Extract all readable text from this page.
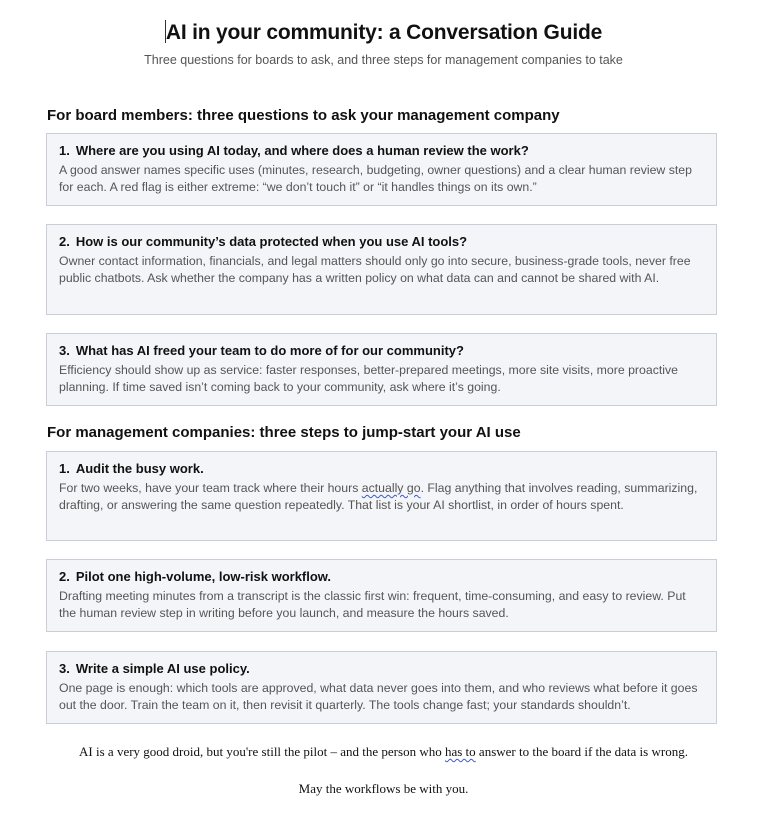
AI in your community: a Conversation Guide
Three questions for boards to ask, and three steps for management companies to take
For board members: three questions to ask your management company
1. Where are you using AI today, and where does a human review the work?
A good answer names specific uses (minutes, research, budgeting, owner questions) and a clear human review step for each. A red flag is either extreme: “we don’t touch it” or “it handles things on its own.”
2. How is our community’s data protected when you use AI tools?
Owner contact information, financials, and legal matters should only go into secure, business-grade tools, never free public chatbots. Ask whether the company has a written policy on what data can and cannot be shared with AI.
3. What has AI freed your team to do more of for our community?
Efficiency should show up as service: faster responses, better-prepared meetings, more site visits, more proactive planning. If time saved isn’t coming back to your community, ask where it’s going.
For management companies: three steps to jump-start your AI use
1. Audit the busy work.
For two weeks, have your team track where their hours actually go. Flag anything that involves reading, summarizing, drafting, or answering the same question repeatedly. That list is your AI shortlist, in order of hours spent.
2. Pilot one high-volume, low-risk workflow.
Drafting meeting minutes from a transcript is the classic first win: frequent, time-consuming, and easy to review. Put the human review step in writing before you launch, and measure the hours saved.
3. Write a simple AI use policy.
One page is enough: which tools are approved, what data never goes into them, and who reviews what before it goes out the door. Train the team on it, then revisit it quarterly. The tools change fast; your standards shouldn’t.
AI is a very good droid, but you're still the pilot – and the person who has to answer to the board if the data is wrong.
May the workflows be with you.
